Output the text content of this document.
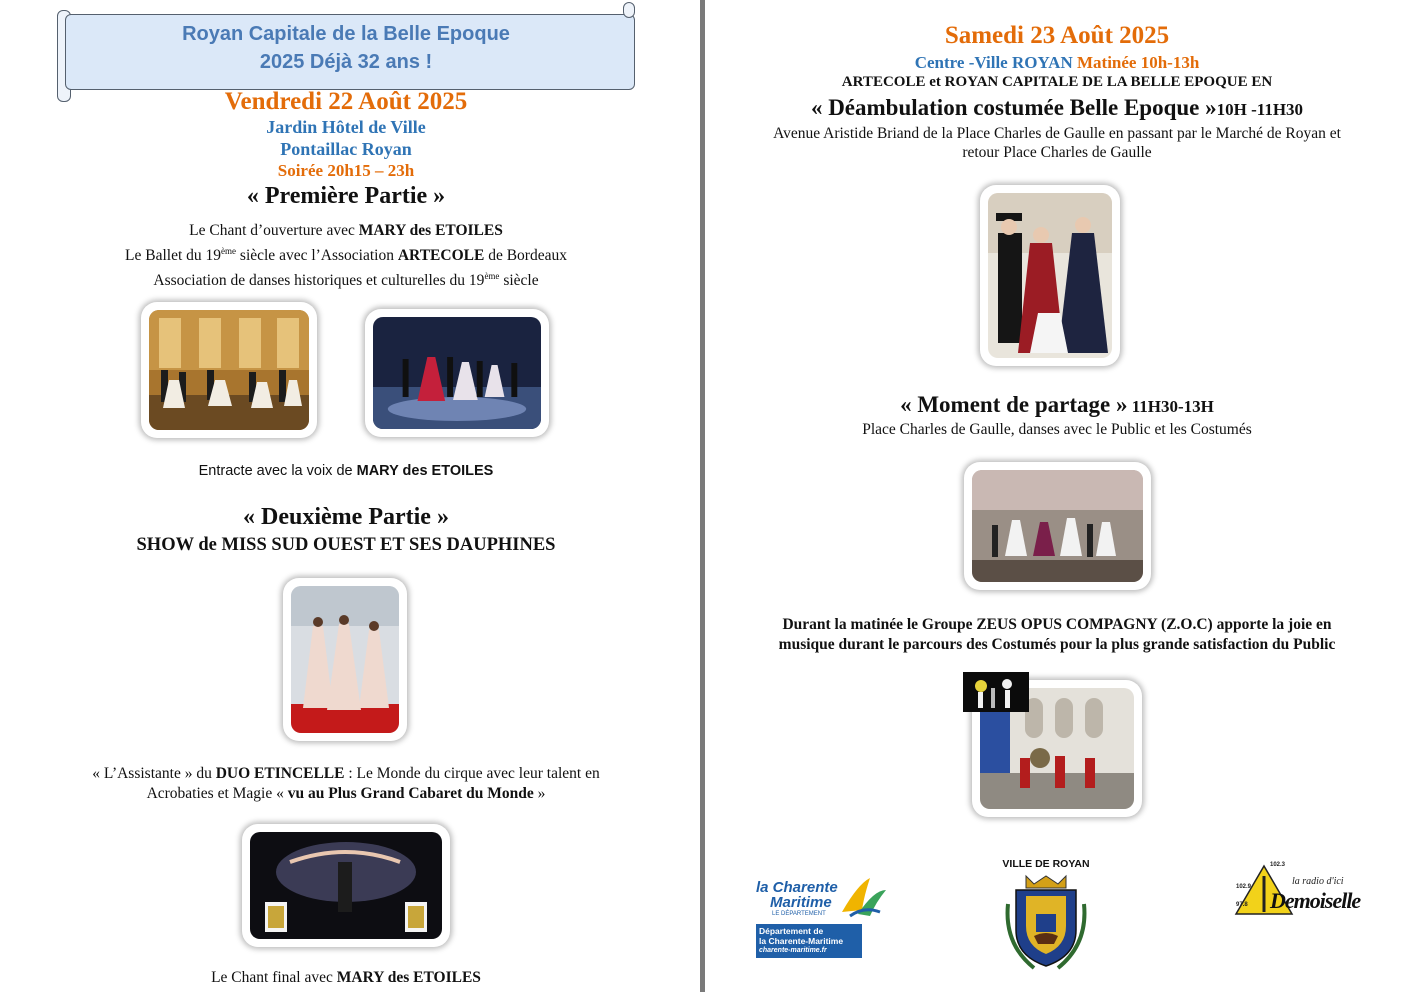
Royan Capitale de la Belle Epoque
2025 Déjà 32 ans !
Vendredi 22 Août 2025
Jardin Hôtel de Ville
Pontaillac Royan
Soirée 20h15 – 23h
« Première Partie »
Le Chant d’ouverture avec MARY des ETOILES
Le Ballet du 19ème siècle avec l’Association ARTECOLE de Bordeaux
Association de danses historiques et culturelles du 19ème siècle
Entracte avec la voix de MARY des ETOILES
« Deuxième Partie »
SHOW de MISS SUD OUEST ET SES DAUPHINES
« L’Assistante » du DUO ETINCELLE : Le Monde du cirque avec leur talent en
Acrobaties et Magie « vu au Plus Grand Cabaret du Monde »
Le Chant final avec MARY des ETOILES
Samedi 23 Août 2025
Centre -Ville ROYAN Matinée 10h-13h
ARTECOLE et ROYAN CAPITALE DE LA BELLE EPOQUE EN
« Déambulation costumée Belle Epoque »10H -11H30
Avenue Aristide Briand de la Place Charles de Gaulle en passant par le Marché de Royan et
retour Place Charles de Gaulle
« Moment de partage » 11H30-13H
Place Charles de Gaulle, danses avec le Public et les Costumés
Durant la matinée le Groupe ZEUS OPUS COMPAGNY (Z.O.C) apporte la joie en
musique durant le parcours des Costumés pour la plus grande satisfaction du Public
la Charente
Maritime
LE DÉPARTEMENT
Département de
la Charente-Maritime
charente-maritime.fr
VILLE DE ROYAN	102.3
102.9
97.8
la radio d'ici
Demoiselle
